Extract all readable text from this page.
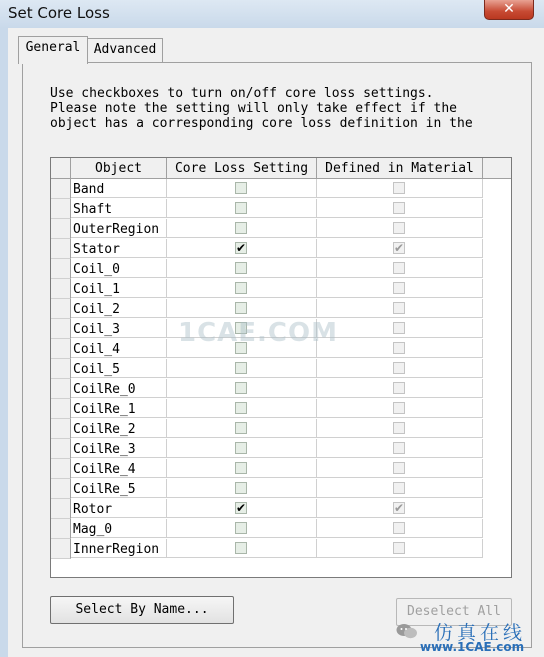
Set Core Loss	✕
General	Advanced
Use checkboxes to turn on/off core loss settings.
Please note the setting will only take effect if the
object has a corresponding core loss definition in the
Object	Core Loss Setting	Defined in Material
Band
Shaft
OuterRegion
Stator	✔	✔
Coil_0
Coil_1
Coil_2
Coil_3
Coil_4
Coil_5
CoilRe_0
CoilRe_1
CoilRe_2
CoilRe_3
CoilRe_4
CoilRe_5
Rotor	✔	✔
Mag_0
InnerRegion
1CAE.COM
Select By Name...	Deselect All
仿真在线
www.1CAE.com
